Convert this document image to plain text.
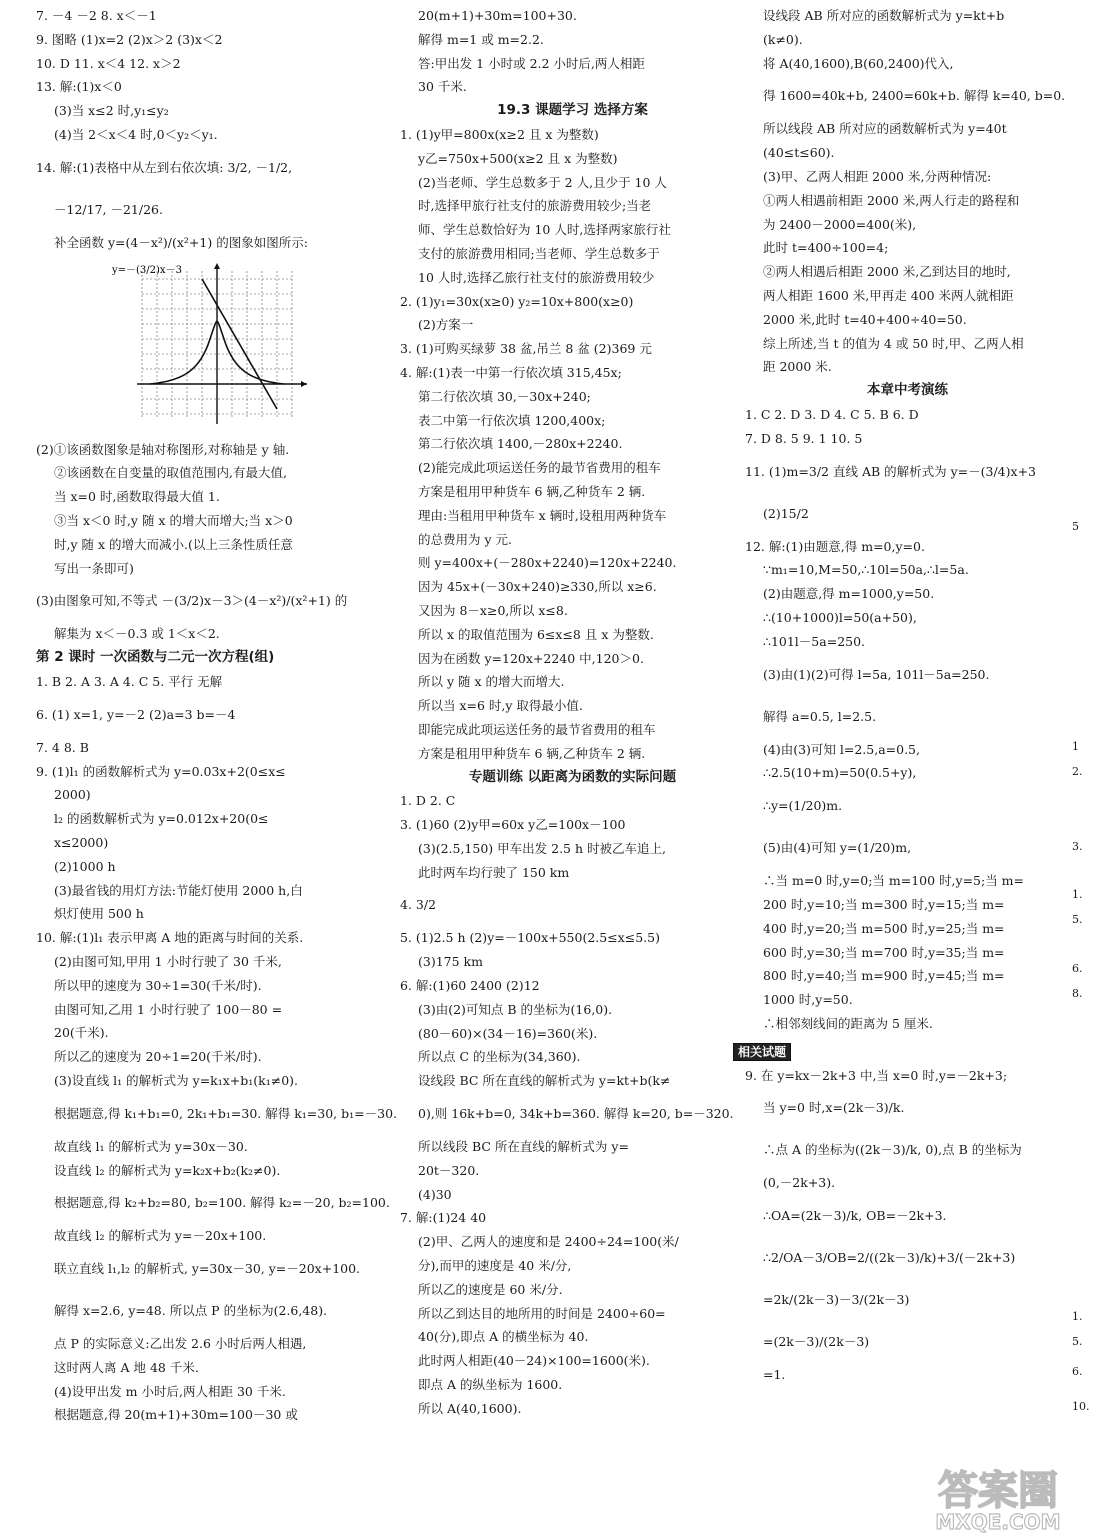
7. －4 －2 8. x＜－1
9. 图略 (1)x=2 (2)x＞2 (3)x＜2
10. D 11. x＜4 12. x＞2
13. 解:(1)x＜0
(3)当 x≤2 时,y₁≤y₂
(4)当 2＜x＜4 时,0＜y₂＜y₁.
14. 解:(1)表格中从左到右依次填: 3/2, －1/2,
－12/17, －21/26.
补全函数 y=(4－x²)/(x²+1) 的图象如图所示:
y=－(3/2)x－3
(2)①该函数图象是轴对称图形,对称轴是 y 轴.
②该函数在自变量的取值范围内,有最大值,
当 x=0 时,函数取得最大值 1.
③当 x＜0 时,y 随 x 的增大而增大;当 x＞0
时,y 随 x 的增大而减小.(以上三条性质任意
写出一条即可)
(3)由图象可知,不等式 －(3/2)x－3＞(4－x²)/(x²+1) 的
解集为 x＜－0.3 或 1＜x＜2.
第 2 课时 一次函数与二元一次方程(组)
1. B 2. A 3. A 4. C 5. 平行 无解
6. (1) x=1, y=－2 (2)a=3 b=－4
7. 4 8. B
9. (1)l₁ 的函数解析式为 y=0.03x+2(0≤x≤
2000)
l₂ 的函数解析式为 y=0.012x+20(0≤
x≤2000)
(2)1000 h
(3)最省钱的用灯方法:节能灯使用 2000 h,白
炽灯使用 500 h
10. 解:(1)l₁ 表示甲离 A 地的距离与时间的关系.
(2)由图可知,甲用 1 小时行驶了 30 千米,
所以甲的速度为 30÷1=30(千米/时).
由图可知,乙用 1 小时行驶了 100－80 =
20(千米).
所以乙的速度为 20÷1=20(千米/时).
(3)设直线 l₁ 的解析式为 y=k₁x+b₁(k₁≠0).
根据题意,得 k₁+b₁=0, 2k₁+b₁=30. 解得 k₁=30, b₁=－30.
故直线 l₁ 的解析式为 y=30x－30.
设直线 l₂ 的解析式为 y=k₂x+b₂(k₂≠0).
根据题意,得 k₂+b₂=80, b₂=100. 解得 k₂=－20, b₂=100.
故直线 l₂ 的解析式为 y=－20x+100.
联立直线 l₁,l₂ 的解析式, y=30x－30, y=－20x+100.
解得 x=2.6, y=48. 所以点 P 的坐标为(2.6,48).
点 P 的实际意义:乙出发 2.6 小时后两人相遇,
这时两人离 A 地 48 千米.
(4)设甲出发 m 小时后,两人相距 30 千米.
根据题意,得 20(m+1)+30m=100－30 或
20(m+1)+30m=100+30.
解得 m=1 或 m=2.2.
答:甲出发 1 小时或 2.2 小时后,两人相距
30 千米.
19.3 课题学习 选择方案
1. (1)y甲=800x(x≥2 且 x 为整数)
y乙=750x+500(x≥2 且 x 为整数)
(2)当老师、学生总数多于 2 人,且少于 10 人
时,选择甲旅行社支付的旅游费用较少;当老
师、学生总数恰好为 10 人时,选择两家旅行社
支付的旅游费用相同;当老师、学生总数多于
10 人时,选择乙旅行社支付的旅游费用较少
2. (1)y₁=30x(x≥0) y₂=10x+800(x≥0)
(2)方案一
3. (1)可购买绿萝 38 盆,吊兰 8 盆 (2)369 元
4. 解:(1)表一中第一行依次填 315,45x;
第二行依次填 30,－30x+240;
表二中第一行依次填 1200,400x;
第二行依次填 1400,－280x+2240.
(2)能完成此项运送任务的最节省费用的租车
方案是租用甲种货车 6 辆,乙种货车 2 辆.
理由:当租用甲种货车 x 辆时,设租用两种货车
的总费用为 y 元.
则 y=400x+(－280x+2240)=120x+2240.
因为 45x+(－30x+240)≥330,所以 x≥6.
又因为 8－x≥0,所以 x≤8.
所以 x 的取值范围为 6≤x≤8 且 x 为整数.
因为在函数 y=120x+2240 中,120＞0.
所以 y 随 x 的增大而增大.
所以当 x=6 时,y 取得最小值.
即能完成此项运送任务的最节省费用的租车
方案是租用甲种货车 6 辆,乙种货车 2 辆.
专题训练 以距离为函数的实际问题
1. D 2. C
3. (1)60 (2)y甲=60x y乙=100x－100
(3)(2.5,150) 甲车出发 2.5 h 时被乙车追上,
此时两车均行驶了 150 km
4. 3/2
5. (1)2.5 h (2)y=－100x+550(2.5≤x≤5.5)
(3)175 km
6. 解:(1)60 2400 (2)12
(3)由(2)可知点 B 的坐标为(16,0).
(80－60)×(34－16)=360(米).
所以点 C 的坐标为(34,360).
设线段 BC 所在直线的解析式为 y=kt+b(k≠
0),则 16k+b=0, 34k+b=360. 解得 k=20, b=－320.
所以线段 BC 所在直线的解析式为 y=
20t－320.
(4)30
7. 解:(1)24 40
(2)甲、乙两人的速度和是 2400÷24=100(米/
分),而甲的速度是 40 米/分,
所以乙的速度是 60 米/分.
所以乙到达目的地所用的时间是 2400÷60=
40(分),即点 A 的横坐标为 40.
此时两人相距(40－24)×100=1600(米).
即点 A 的纵坐标为 1600.
所以 A(40,1600).
设线段 AB 所对应的函数解析式为 y=kt+b
(k≠0).
将 A(40,1600),B(60,2400)代入,
得 1600=40k+b, 2400=60k+b. 解得 k=40, b=0.
所以线段 AB 所对应的函数解析式为 y=40t
(40≤t≤60).
(3)甲、乙两人相距 2000 米,分两种情况:
①两人相遇前相距 2000 米,两人行走的路程和
为 2400－2000=400(米),
此时 t=400÷100=4;
②两人相遇后相距 2000 米,乙到达目的地时,
两人相距 1600 米,甲再走 400 米两人就相距
2000 米,此时 t=40+400÷40=50.
综上所述,当 t 的值为 4 或 50 时,甲、乙两人相
距 2000 米.
本章中考演练
1. C 2. D 3. D 4. C 5. B 6. D
7. D 8. 5 9. 1 10. 5
11. (1)m=3/2 直线 AB 的解析式为 y=－(3/4)x+3
(2)15/2
12. 解:(1)由题意,得 m=0,y=0.
∵m₁=10,M=50,∴10l=50a,∴l=5a.
(2)由题意,得 m=1000,y=50.
∴(10+1000)l=50(a+50),
∴101l－5a=250.
(3)由(1)(2)可得 l=5a, 101l－5a=250.
解得 a=0.5, l=2.5.
(4)由(3)可知 l=2.5,a=0.5,
∴2.5(10+m)=50(0.5+y),
∴y=(1/20)m.
(5)由(4)可知 y=(1/20)m,
∴当 m=0 时,y=0;当 m=100 时,y=5;当 m=
200 时,y=10;当 m=300 时,y=15;当 m=
400 时,y=20;当 m=500 时,y=25;当 m=
600 时,y=30;当 m=700 时,y=35;当 m=
800 时,y=40;当 m=900 时,y=45;当 m=
1000 时,y=50.
∴相邻刻线间的距离为 5 厘米.
相关试题
9. 在 y=kx－2k+3 中,当 x=0 时,y=－2k+3;
当 y=0 时,x=(2k－3)/k.
∴点 A 的坐标为((2k－3)/k, 0),点 B 的坐标为
(0,－2k+3).
∴OA=(2k－3)/k, OB=－2k+3.
∴2/OA－3/OB=2/((2k－3)/k)+3/(－2k+3)
=2k/(2k－3)－3/(2k－3)
=(2k－3)/(2k－3)
=1.
1
2.
3.
1.
5.
6.
8.
1.
5.
6.
10.
5
答案圈
MXQE.COM
